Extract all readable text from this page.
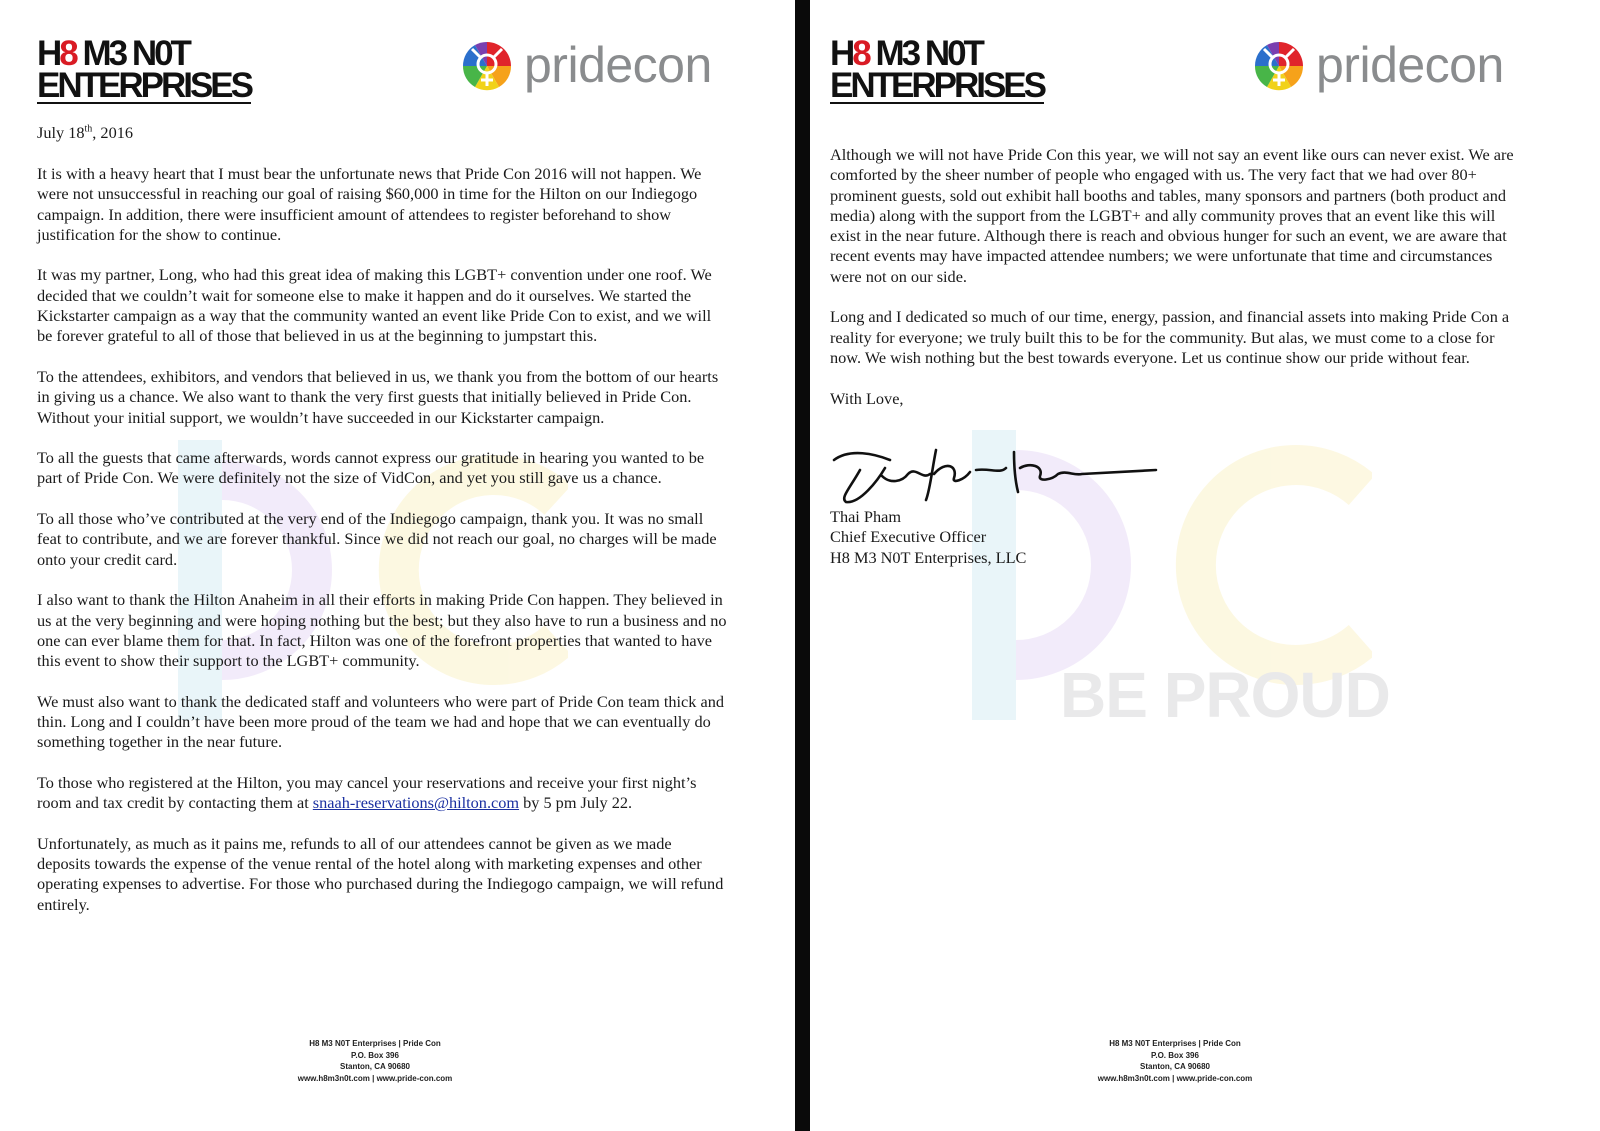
H8 M3 N0T
ENTERPRISES	pridecon
July 18th, 2016

It is with a heavy heart that I must bear the unfortunate news that Pride Con 2016 will not happen. We were not unsuccessful in reaching our goal of raising $60,000 in time for the Hilton on our Indiegogo campaign. In addition, there were insufficient amount of attendees to register beforehand to show justification for the show to continue.

It was my partner, Long, who had this great idea of making this LGBT+ convention under one roof. We decided that we couldn’t wait for someone else to make it happen and do it ourselves. We started the Kickstarter campaign as a way that the community wanted an event like Pride Con to exist, and we will be forever grateful to all of those that believed in us at the beginning to jumpstart this.

To the attendees, exhibitors, and vendors that believed in us, we thank you from the bottom of our hearts in giving us a chance. We also want to thank the very first guests that initially believed in Pride Con. Without your initial support, we wouldn’t have succeeded in our Kickstarter campaign.

To all the guests that came afterwards, words cannot express our gratitude in hearing you wanted to be part of Pride Con. We were definitely not the size of VidCon, and yet you still gave us a chance.

To all those who’ve contributed at the very end of the Indiegogo campaign, thank you. It was no small feat to contribute, and we are forever thankful. Since we did not reach our goal, no charges will be made onto your credit card.

I also want to thank the Hilton Anaheim in all their efforts in making Pride Con happen. They believed in us at the very beginning and were hoping nothing but the best; but they also have to run a business and no one can ever blame them for that. In fact, Hilton was one of the forefront properties that wanted to have this event to show their support to the LGBT+ community.

We must also want to thank the dedicated staff and volunteers who were part of Pride Con team thick and thin. Long and I couldn’t have been more proud of the team we had and hope that we can eventually do something together in the near future.

To those who registered at the Hilton, you may cancel your reservations and receive your first night’s room and tax credit by contacting them at snaah-reservations@hilton.com by 5 pm July 22.

Unfortunately, as much as it pains me, refunds to all of our attendees cannot be given as we made deposits towards the expense of the venue rental of the hotel along with marketing expenses and other operating expenses to advertise. For those who purchased during the Indiegogo campaign, we will refund entirely.

H8 M3 N0T Enterprises | Pride Con
P.O. Box 396
Stanton, CA 90680
www.h8m3n0t.com | www.pride-con.com
H8 M3 N0T
ENTERPRISES	pridecon
BE PROUD

Although we will not have Pride Con this year, we will not say an event like ours can never exist. We are comforted by the sheer number of people who engaged with us. The very fact that we had over 80+ prominent guests, sold out exhibit hall booths and tables, many sponsors and partners (both product and media) along with the support from the LGBT+ and ally community proves that an event like this will exist in the near future. Although there is reach and obvious hunger for such an event, we are aware that recent events may have impacted attendee numbers; we were unfortunate that time and circumstances were not on our side.

Long and I dedicated so much of our time, energy, passion, and financial assets into making Pride Con a reality for everyone; we truly built this to be for the community. But alas, we must come to a close for now. We wish nothing but the best towards everyone. Let us continue show our pride without fear.

With Love,

Thai Pham
Chief Executive Officer
H8 M3 N0T Enterprises, LLC
H8 M3 N0T Enterprises | Pride Con
P.O. Box 396
Stanton, CA 90680
www.h8m3n0t.com | www.pride-con.com
